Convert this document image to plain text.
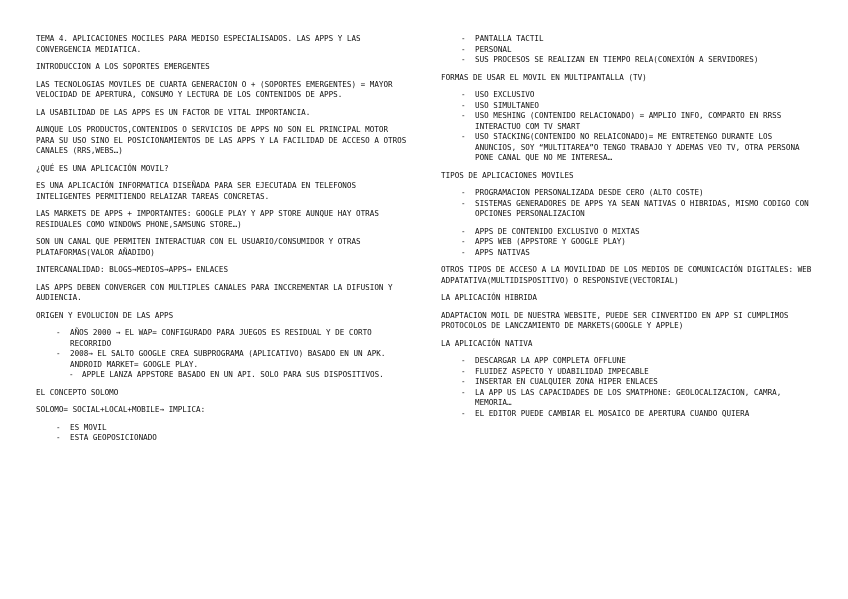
TEMA 4. APLICACIONES MOCILES PARA MEDISO ESPECIALISADOS. LAS APPS Y LAS CONVERGENCIA MEDIATICA.

INTRODUCCION A LOS SOPORTES EMERGENTES

LAS TECNOLOGIAS MOVILES DE CUARTA GENERACION O + (SOPORTES EMERGENTES) = MAYOR VELOCIDAD DE APERTURA, CONSUMO Y LECTURA DE LOS CONTENIDOS DE APPS.

LA USABILIDAD DE LAS APPS ES UN FACTOR DE VITAL IMPORTANCIA.

AUNQUE LOS PRODUCTOS,CONTENIDOS O SERVICIOS DE APPS NO SON EL PRINCIPAL MOTOR PARA SU USO SINO EL POSICIONAMIENTOS DE LAS APPS Y LA FACILIDAD DE ACCESO A OTROS CANALES (RRS,WEBS…)

¿QUÉ ES UNA APLICACIÓN MOVIL?

ES UNA APLICACIÓN INFORMATICA DISEÑADA PARA SER EJECUTADA EN TELEFONOS INTELIGENTES PERMITIENDO RELAIZAR TAREAS CONCRETAS.

LAS MARKETS DE APPS + IMPORTANTES: GOOGLE PLAY Y APP STORE AUNQUE HAY OTRAS RESIDUALES COMO WINDOWS PHONE,SAMSUNG STORE…)

SON UN CANAL QUE PERMITEN INTERACTUAR CON EL USUARIO/CONSUMIDOR Y OTRAS PLATAFORMAS(VALOR AÑADIDO)

INTERCANALIDAD: BLOGS→MEDIOS→APPS→ ENLACES

LAS APPS DEBEN CONVERGER CON MULTIPLES CANALES PARA INCCREMENTAR LA DIFUSION Y AUDIENCIA.

ORIGEN Y EVOLUCION DE LAS APPS

- AÑOS 2000 → EL WAP= CONFIGURADO PARA JUEGOS ES RESIDUAL Y DE CORTO RECORRIDO
- 2008→ EL SALTO GOOGLE CREA SUBPROGRAMA (APLICATIVO) BASADO EN UN APK. ANDROID MARKET= GOOGLE PLAY.
- APPLE LANZA APPSTORE BASADO EN UN API. SOLO PARA SUS DISPOSITIVOS.

EL CONCEPTO SOLOMO

SOLOMO= SOCIAL+LOCAL+MOBILE→ IMPLICA:

- ES MOVIL
- ESTA GEOPOSICIONADO
- PANTALLA TACTIL
- PERSONAL
- SUS PROCESOS SE REALIZAN EN TIEMPO RELA(CONEXIÓN A SERVIDORES)

FORMAS DE USAR EL MOVIL EN MULTIPANTALLA (TV)

- USO EXCLUSIVO
- USO SIMULTANEO
- USO MESHING (CONTENIDO RELACIONADO) = AMPLIO INFO, COMPARTO EN RRSS INTERACTUO COM TV SMART
- USO STACKING(CONTENIDO NO RELAICONADO)= ME ENTRETENGO DURANTE LOS ANUNCIOS, SOY “MULTITAREA”O TENGO TRABAJO Y ADEMAS VEO TV, OTRA PERSONA PONE CANAL QUE NO ME INTERESA…

TIPOS DE APLICACIONES MOVILES

- PROGRAMACION PERSONALIZADA DESDE CERO (ALTO COSTE)
- SISTEMAS GENERADORES DE APPS YA SEAN NATIVAS O HIBRIDAS, MISMO CODIGO CON OPCIONES PERSONALIZACION
- APPS DE CONTENIDO EXCLUSIVO O MIXTAS
- APPS WEB (APPSTORE Y GOOGLE PLAY)
- APPS NATIVAS

OTROS TIPOS DE ACCESO A LA MOVILIDAD DE LOS MEDIOS DE COMUNICACIÓN DIGITALES: WEB ADPATATIVA(MULTIDISPOSITIVO) O RESPONSIVE(VECTORIAL)

LA APLICACIÓN HIBRIDA

ADAPTACION MOIL DE NUESTRA WEBSITE, PUEDE SER CINVERTIDO EN APP SI CUMPLIMOS PROTOCOLOS DE LANCZAMIENTO DE MARKETS(GOOGLE Y APPLE)

LA APLICACIÓN NATIVA

- DESCARGAR LA APP COMPLETA OFFLUNE
- FLUIDEZ ASPECTO Y UDABILIDAD IMPECABLE
- INSERTAR EN CUALQUIER ZONA HIPER ENLACES
- LA APP US LAS CAPACIDADES DE LOS SMATPHONE: GEOLOCALIZACION, CAMRA, MEMORIA…
- EL EDITOR PUEDE CAMBIAR EL MOSAICO DE APERTURA CUANDO QUIERA
